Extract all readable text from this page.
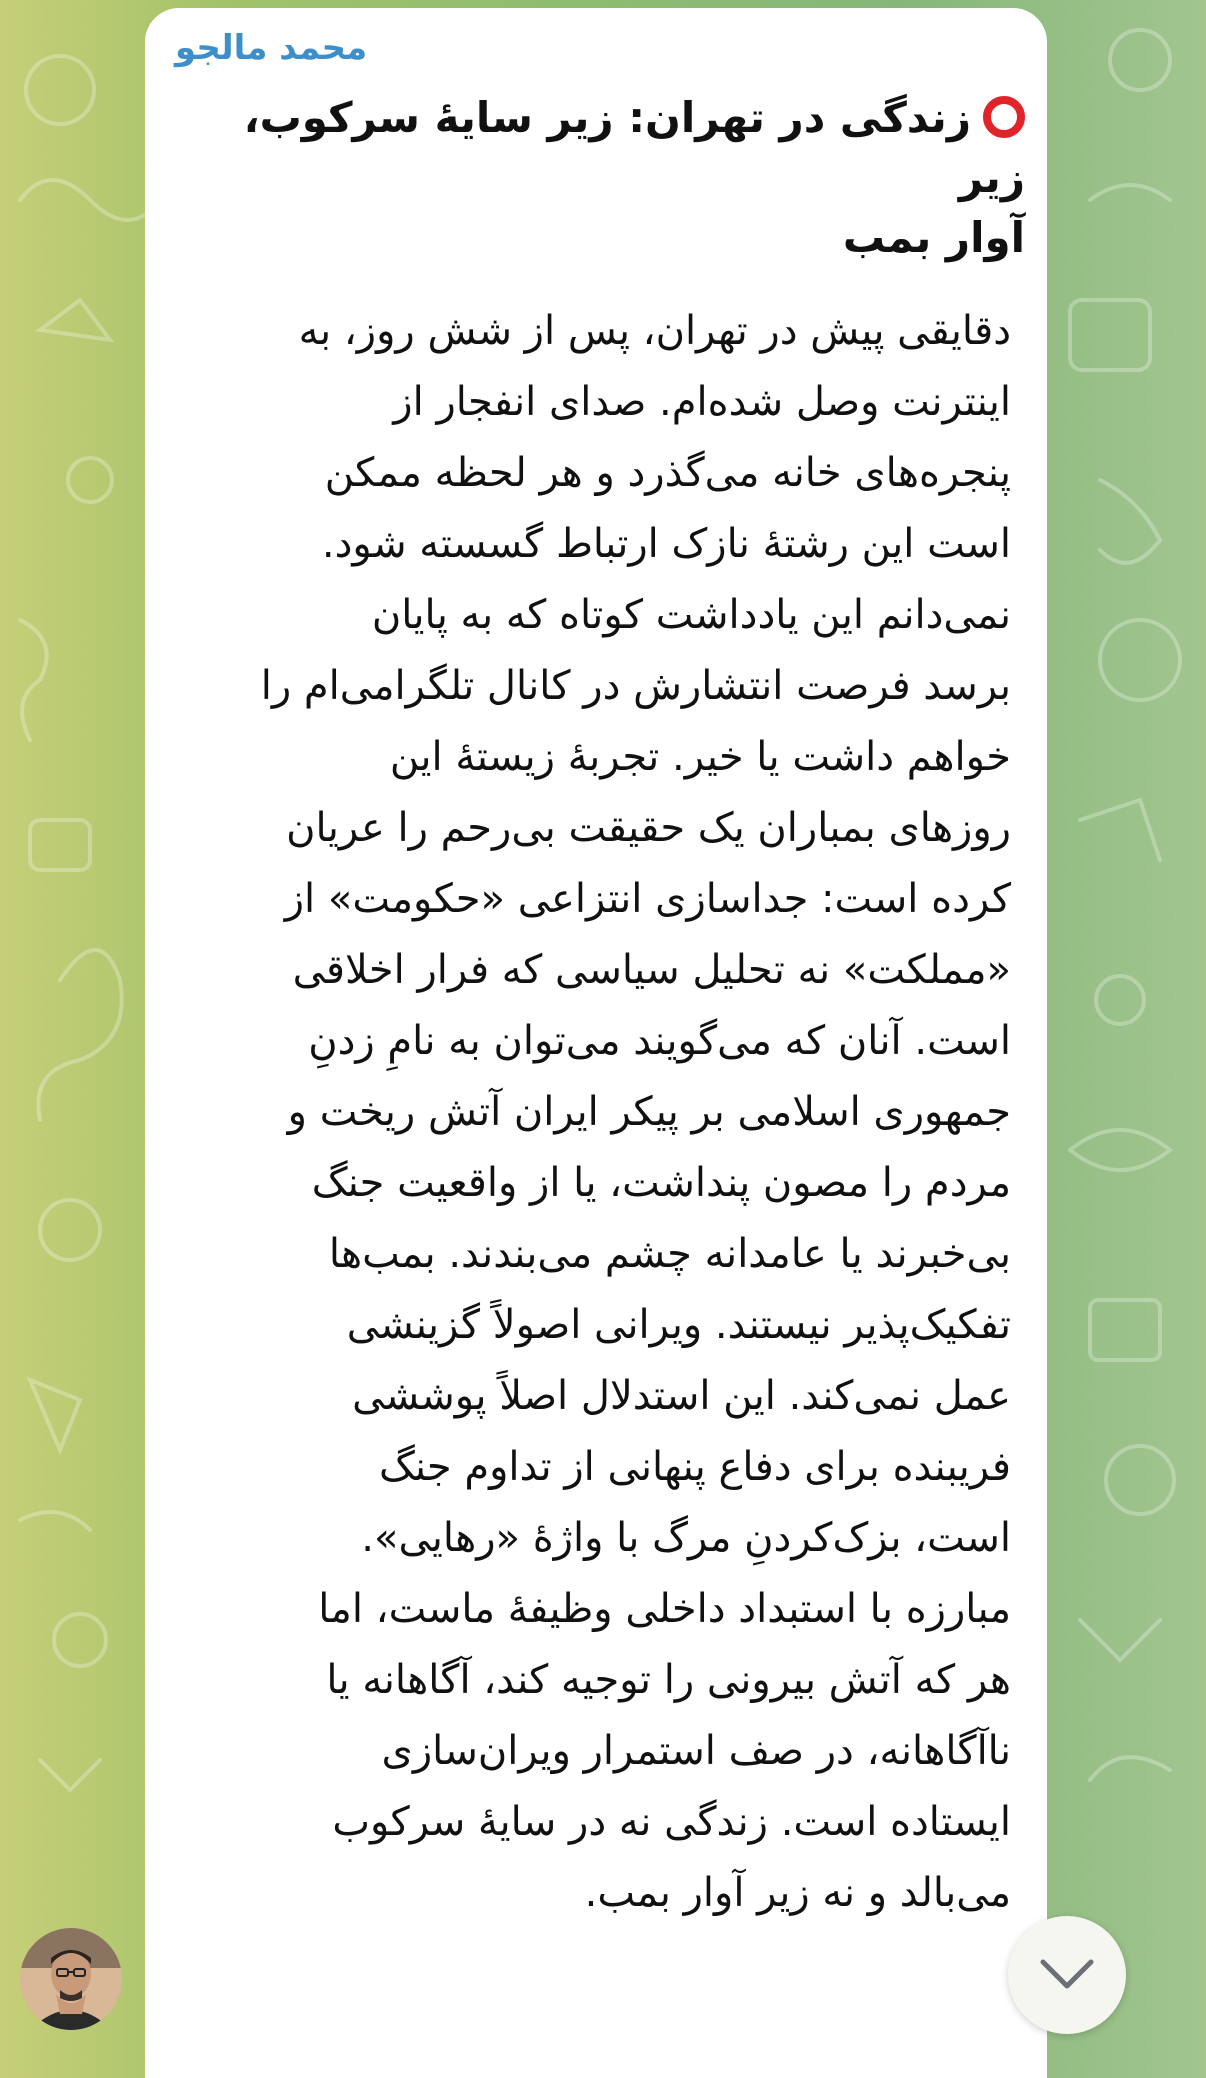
محمد مالجو
زندگی در تهران: زیر سایهٔ سرکوب، زیر
آوار بمب
دقایقی پیش در تهران، پس از شش روز، به
اینترنت وصل شده‌ام. صدای انفجار از
پنجره‌های خانه می‌گذرد و هر لحظه ممکن
است این رشتهٔ نازک ارتباط گسسته شود.
نمی‌دانم این یادداشت کوتاه که به پایان
برسد فرصت انتشارش در کانال تلگرامی‌ام را
خواهم داشت یا خیر. تجربهٔ زیستهٔ این
روزهای بمباران یک حقیقت بی‌رحم را عریان
کرده است: جداسازی انتزاعی «حکومت» از
«مملکت» نه تحلیل سیاسی که فرار اخلاقی
است. آنان که می‌گویند می‌توان به نامِ زدنِ
جمهوری اسلامی بر پیکر ایران آتش ریخت و
مردم را مصون پنداشت، یا از واقعیت جنگ
بی‌خبرند یا عامدانه چشم می‌بندند. بمب‌ها
تفکیک‌پذیر نیستند. ویرانی اصولاً گزینشی
عمل نمی‌کند. این استدلال اصلاً پوششی
فریبنده برای دفاع پنهانی از تداوم جنگ
است، بزک‌کردنِ مرگ با واژهٔ «رهایی».
مبارزه با استبداد داخلی وظیفهٔ ماست، اما
هر که آتش بیرونی را توجیه کند، آگاهانه یا
ناآگاهانه، در صف استمرار ویران‌سازی
ایستاده است. زندگی نه در سایهٔ سرکوب
می‌بالد و نه زیر آوار بمب.
